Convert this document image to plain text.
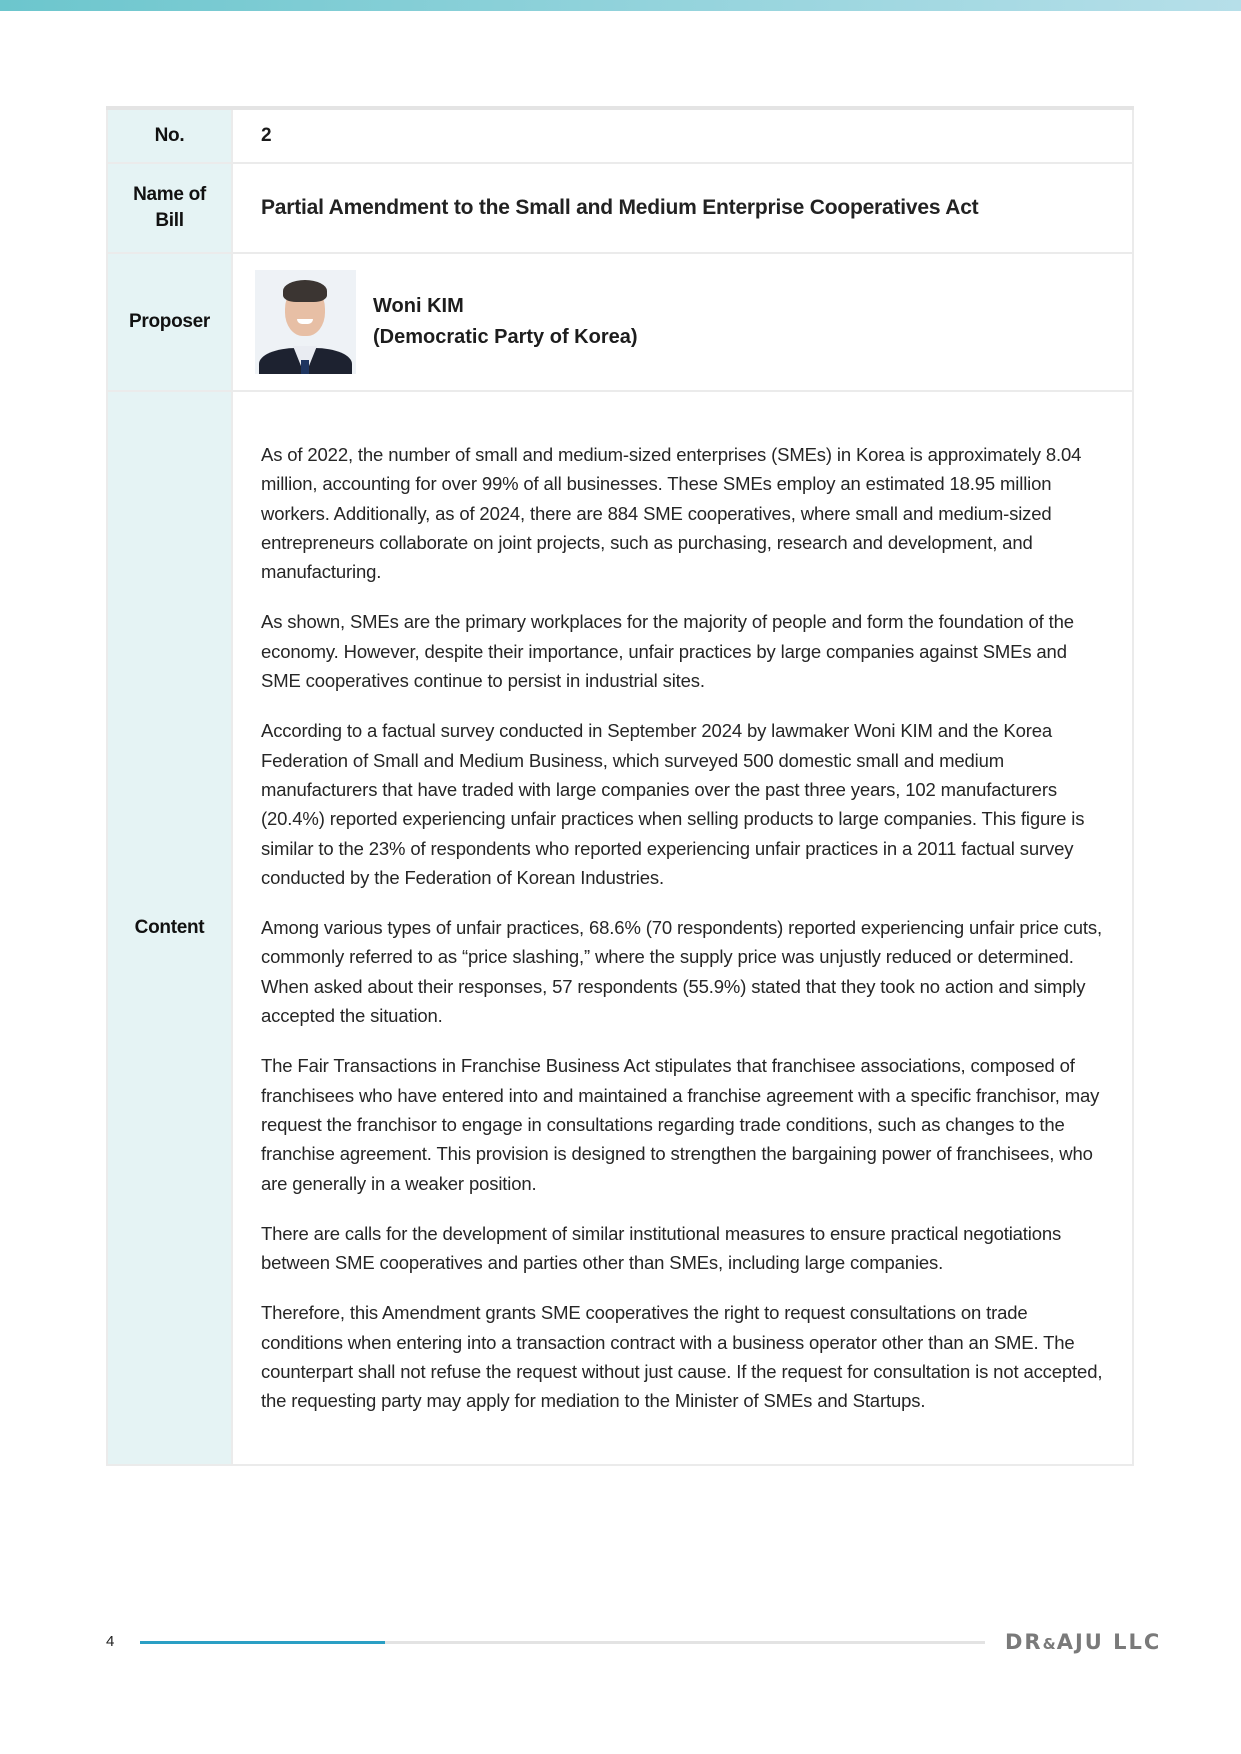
No.	2
Name of
Bill	Partial Amendment to the Small and Medium Enterprise Cooperatives Act
Proposer	Woni KIM
(Democratic Party of Korea)

Content	

As of 2022, the number of small and medium-sized enterprises (SMEs) in Korea is approximately 8.04 million, accounting for over 99% of all businesses. These SMEs employ an estimated 18.95 million workers. Additionally, as of 2024, there are 884 SME cooperatives, where small and medium-sized entrepreneurs collaborate on joint projects, such as purchasing, research and development, and manufacturing.

As shown, SMEs are the primary workplaces for the majority of people and form the foundation of the economy. However, despite their importance, unfair practices by large companies against SMEs and SME cooperatives continue to persist in industrial sites.

According to a factual survey conducted in September 2024 by lawmaker Woni KIM and the Korea Federation of Small and Medium Business, which surveyed 500 domestic small and medium manufacturers that have traded with large companies over the past three years, 102 manufacturers (20.4%) reported experiencing unfair practices when selling products to large companies. This figure is similar to the 23% of respondents who reported experiencing unfair practices in a 2011 factual survey conducted by the Federation of Korean Industries.

Among various types of unfair practices, 68.6% (70 respondents) reported experiencing unfair price cuts, commonly referred to as “price slashing,” where the supply price was unjustly reduced or determined. When asked about their responses, 57 respondents (55.9%) stated that they took no action and simply accepted the situation.

The Fair Transactions in Franchise Business Act stipulates that franchisee associations, composed of franchisees who have entered into and maintained a franchise agreement with a specific franchisor, may request the franchisor to engage in consultations regarding trade conditions, such as changes to the franchise agreement. This provision is designed to strengthen the bargaining power of franchisees, who are generally in a weaker position.

There are calls for the development of similar institutional measures to ensure practical negotiations between SME cooperatives and parties other than SMEs, including large companies.

Therefore, this Amendment grants SME cooperatives the right to request consultations on trade conditions when entering into a transaction contract with a business operator other than an SME. The counterpart shall not refuse the request without just cause. If the request for consultation is not accepted, the requesting party may apply for mediation to the Minister of SMEs and Startups.

4	DR&AJU LLC
